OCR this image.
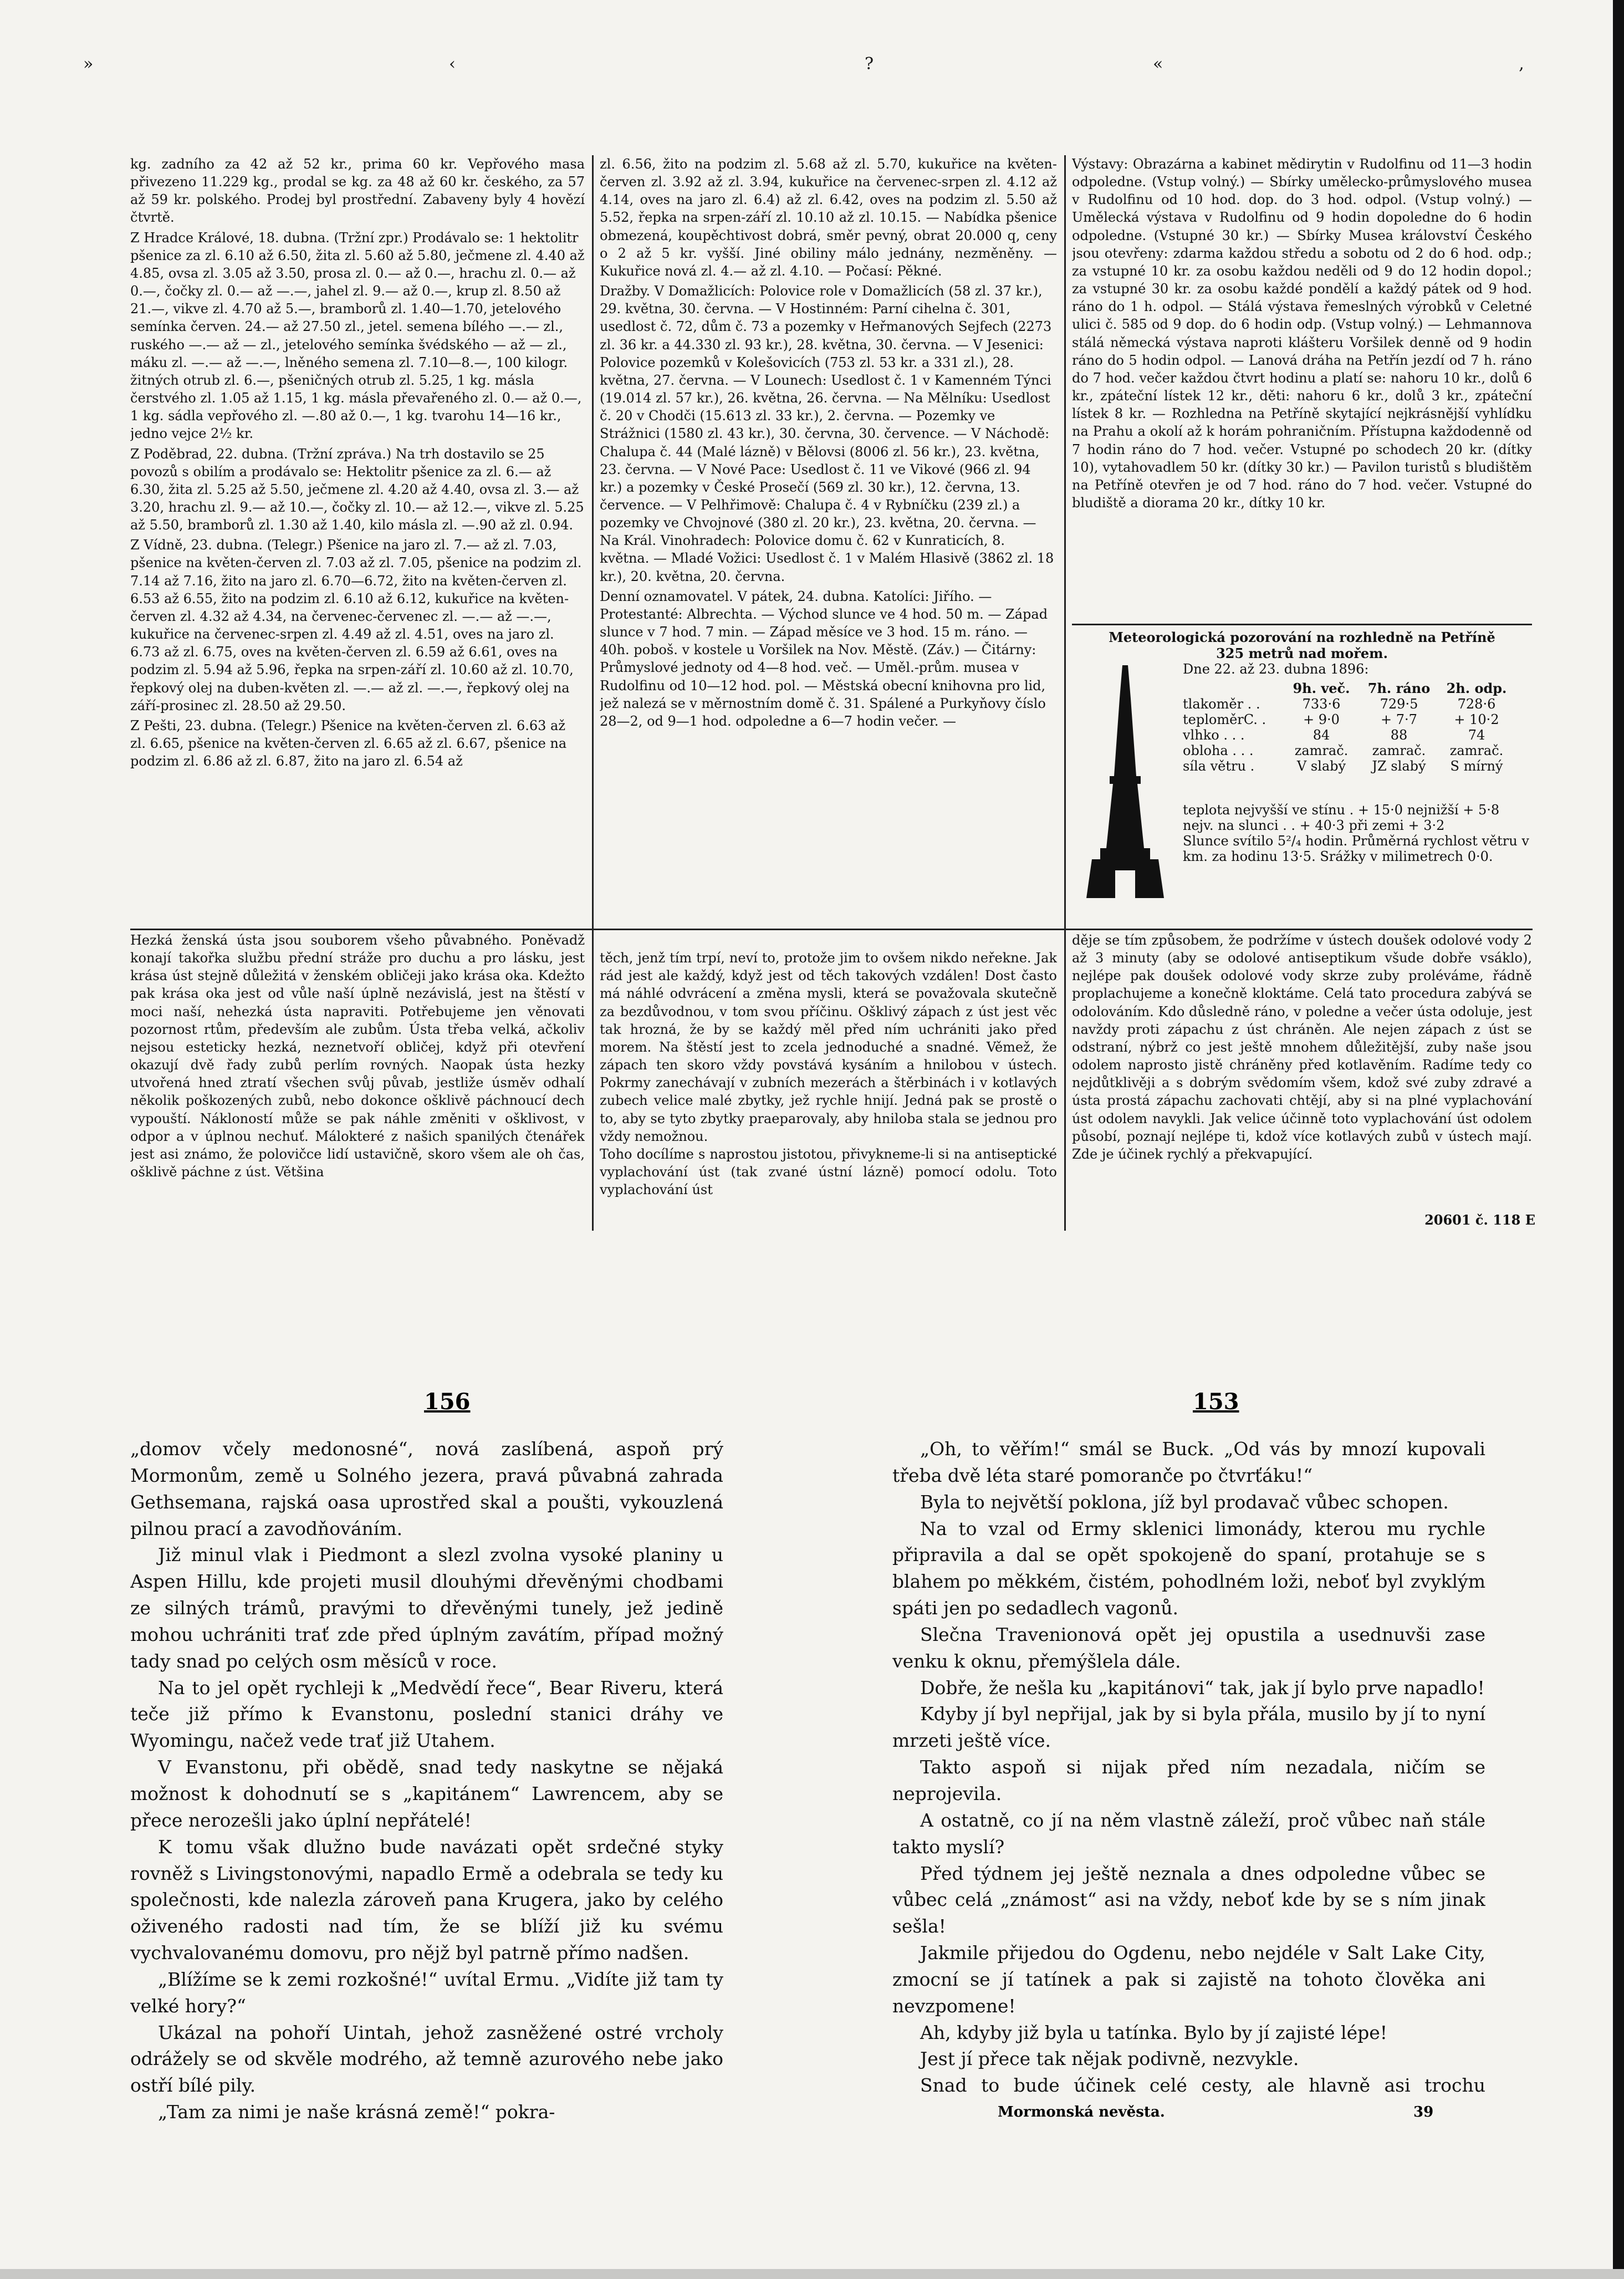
»	‹	?	«	‚

kg. zadního za 42 až 52 kr., prima 60 kr. Vepřového masa přivezeno 11.229 kg., prodal se kg. za 48 až 60 kr. českého, za 57 až 59 kr. polského. Prodej byl prostřední. Zabaveny byly 4 hovězí čtvrtě.

Z Hradce Králové, 18. dubna. (Tržní zpr.) Prodávalo se: 1 hektolitr pšenice za zl. 6.10 až 6.50, žita zl. 5.60 až 5.80, ječmene zl. 4.40 až 4.85, ovsa zl. 3.05 až 3.50, prosa zl. 0.— až 0.—, hrachu zl. 0.— až 0.—, čočky zl. 0.— až —.—, jahel zl. 9.— až 0.—, krup zl. 8.50 až 21.—, vikve zl. 4.70 až 5.—, bramborů zl. 1.40—1.70, jetelového semínka červen. 24.— až 27.50 zl., jetel. semena bílého —.— zl., ruského —.— až — zl., jetelového semínka švédského — až — zl., máku zl. —.— až —.—, lněného semena zl. 7.10—8.—, 100 kilogr. žitných otrub zl. 6.—, pšeničných otrub zl. 5.25, 1 kg. másla čerstvého zl. 1.05 až 1.15, 1 kg. másla převařeného zl. 0.— až 0.—, 1 kg. sádla vepřového zl. —.80 až 0.—, 1 kg. tvarohu 14—16 kr., jedno vejce 2½ kr.

Z Poděbrad, 22. dubna. (Tržní zpráva.) Na trh dostavilo se 25 povozů s obilím a prodávalo se: Hektolitr pšenice za zl. 6.— až 6.30, žita zl. 5.25 až 5.50, ječmene zl. 4.20 až 4.40, ovsa zl. 3.— až 3.20, hrachu zl. 9.— až 10.—, čočky zl. 10.— až 12.—, vikve zl. 5.25 až 5.50, bramborů zl. 1.30 až 1.40, kilo másla zl. —.90 až zl. 0.94.

Z Vídně, 23. dubna. (Telegr.) Pšenice na jaro zl. 7.— až zl. 7.03, pšenice na květen-červen zl. 7.03 až zl. 7.05, pšenice na podzim zl. 7.14 až 7.16, žito na jaro zl. 6.70—6.72, žito na květen-červen zl. 6.53 až 6.55, žito na podzim zl. 6.10 až 6.12, kukuřice na květen-červen zl. 4.32 až 4.34, na červenec-červenec zl. —.— až —.—, kukuřice na červenec-srpen zl. 4.49 až zl. 4.51, oves na jaro zl. 6.73 až zl. 6.75, oves na květen-červen zl. 6.59 až 6.61, oves na podzim zl. 5.94 až 5.96, řepka na srpen-září zl. 10.60 až zl. 10.70, řepkový olej na duben-květen zl. —.— až zl. —.—, řepkový olej na září-prosinec zl. 28.50 až 29.50.

Z Pešti, 23. dubna. (Telegr.) Pšenice na květen-červen zl. 6.63 až zl. 6.65, pšenice na květen-červen zl. 6.65 až zl. 6.67, pšenice na podzim zl. 6.86 až zl. 6.87, žito na jaro zl. 6.54 až

zl. 6.56, žito na podzim zl. 5.68 až zl. 5.70, kukuřice na květen-červen zl. 3.92 až zl. 3.94, kukuřice na červenec-srpen zl. 4.12 až 4.14, oves na jaro zl. 6.4) až zl. 6.42, oves na podzim zl. 5.50 až 5.52, řepka na srpen-září zl. 10.10 až zl. 10.15. — Nabídka pšenice obmezená, koupěchtivost dobrá, směr pevný, obrat 20.000 q, ceny o 2 až 5 kr. vyšší. Jiné obiliny málo jednány, nezměněny. — Kukuřice nová zl. 4.— až zl. 4.10. — Počasí: Pěkné.

Dražby. V Domažlicích: Polovice role v Domažlicích (58 zl. 37 kr.), 29. května, 30. června. — V Hostinném: Parní cihelna č. 301, usedlost č. 72, dům č. 73 a pozemky v Heřmanových Sejfech (2273 zl. 36 kr. a 44.330 zl. 93 kr.), 28. května, 30. června. — V Jesenici: Polovice pozemků v Kolešovicích (753 zl. 53 kr. a 331 zl.), 28. května, 27. června. — V Lounech: Usedlost č. 1 v Kamenném Týnci (19.014 zl. 57 kr.), 26. května, 26. června. — Na Mělníku: Usedlost č. 20 v Chodči (15.613 zl. 33 kr.), 2. června. — Pozemky ve Strážnici (1580 zl. 43 kr.), 30. června, 30. července. — V Náchodě: Chalupa č. 44 (Malé lázně) v Bělovsi (8006 zl. 56 kr.), 23. května, 23. června. — V Nové Pace: Usedlost č. 11 ve Vikové (966 zl. 94 kr.) a pozemky v České Prosečí (569 zl. 30 kr.), 12. června, 13. července. — V Pelhřimově: Chalupa č. 4 v Rybníčku (239 zl.) a pozemky ve Chvojnové (380 zl. 20 kr.), 23. května, 20. června. — Na Král. Vinohradech: Polovice domu č. 62 v Kunraticích, 8. května. — Mladé Vožici: Usedlost č. 1 v Malém Hlasivě (3862 zl. 18 kr.), 20. května, 20. června.

Denní oznamovatel. V pátek, 24. dubna. Katolíci: Jiřího. — Protestanté: Albrechta. — Východ slunce ve 4 hod. 50 m. — Západ slunce v 7 hod. 7 min. — Západ měsíce ve 3 hod. 15 m. ráno. — 40h. poboš. v kostele u Voršilek na Nov. Městě. (Záv.) — Čitárny: Průmyslové jednoty od 4—8 hod. več. — Uměl.-prům. musea v Rudolfinu od 10—12 hod. pol. — Městská obecní knihovna pro lid, jež nalezá se v měrnostním domě č. 31. Spálené a Purkyňovy číslo 28—2, od 9—1 hod. odpoledne a 6—7 hodin večer. —

Výstavy: Obrazárna a kabinet mědirytin v Rudolfinu od 11—3 hodin odpoledne. (Vstup volný.) — Sbírky umělecko-průmyslového musea v Rudolfinu od 10 hod. dop. do 3 hod. odpol. (Vstup volný.) — Umělecká výstava v Rudolfinu od 9 hodin dopoledne do 6 hodin odpoledne. (Vstupné 30 kr.) — Sbírky Musea království Českého jsou otevřeny: zdarma každou středu a sobotu od 2 do 6 hod. odp.; za vstupné 10 kr. za osobu každou neděli od 9 do 12 hodin dopol.; za vstupné 30 kr. za osobu každé pondělí a každý pátek od 9 hod. ráno do 1 h. odpol. — Stálá výstava řemeslných výrobků v Celetné ulici č. 585 od 9 dop. do 6 hodin odp. (Vstup volný.) — Lehmannova stálá německá výstava naproti klášteru Voršilek denně od 9 hodin ráno do 5 hodin odpol. — Lanová dráha na Petřín jezdí od 7 h. ráno do 7 hod. večer každou čtvrt hodinu a platí se: nahoru 10 kr., dolů 6 kr., zpáteční lístek 12 kr., děti: nahoru 6 kr., dolů 3 kr., zpáteční lístek 8 kr. — Rozhledna na Petříně skytající nejkrásnější vyhlídku na Prahu a okolí až k horám pohraničním. Přístupna každodenně od 7 hodin ráno do 7 hod. večer. Vstupné po schodech 20 kr. (dítky 10), vytahovadlem 50 kr. (dítky 30 kr.) — Pavilon turistů s bludištěm na Petříně otevřen je od 7 hod. ráno do 7 hod. večer. Vstupné do bludiště a diorama 20 kr., dítky 10 kr.

Meteorologická pozorování na rozhledně na Petříně
325 metrů nad mořem.
Dne 22. až 23. dubna 1896:
9h. več.	7h. ráno	2h. odp.
tlakoměr . .	733·6	729·5	728·6
teploměrC. .	+ 9·0	+ 7·7	+ 10·2
vlhko . . .	84	88	74
obloha . . .	zamrač.	zamrač.	zamrač.
síla větru .	V slabý	JZ slabý	S mírný
teplota nejvyšší ve stínu . + 15·0 nejnižší + 5·8
nejv. na slunci . . + 40·3 při zemi + 3·2
Slunce svítilo 5²/₄ hodin. Průměrná rychlost větru v km. za hodinu 13·5. Srážky v milimetrech 0·0.

Hezká ženská ústa jsou souborem všeho půvabného. Poněvadž konají takořka službu přední stráže pro duchu a pro lásku, jest krása úst stejně důležitá v ženském obličeji jako krása oka. Kdežto pak krása oka jest od vůle naší úplně nezávislá, jest na štěstí v moci naší, nehezká ústa napraviti. Potřebujeme jen věnovati pozornost rtům, především ale zubům. Ústa třeba velká, ačkoliv nejsou esteticky hezká, neznetvoří obličej, když při otevření okazují dvě řady zubů perlím rovných. Naopak ústa hezky utvořená hned ztratí všechen svůj půvab, jestliže úsměv odhalí několik poškozených zubů, nebo dokonce ošklivě páchnoucí dech vypouští. Nákloností může se pak náhle změniti v ošklivost, v odpor a v úplnou nechuť. Málokteré z našich spanilých čtenářek jest asi známo, že polovičce lidí ustavičně, skoro všem ale oh čas, ošklivě páchne z úst. Většina

těch, jenž tím trpí, neví to, protože jim to ovšem nikdo neřekne. Jak rád jest ale každý, když jest od těch takových vzdálen! Dost často má náhlé odvrácení a změna mysli, která se považovala skutečně za bezdůvodnou, v tom svou příčinu. Ošklivý zápach z úst jest věc tak hrozná, že by se každý měl před ním uchrániti jako před morem. Na štěstí jest to zcela jednoduché a snadné. Věmež, že zápach ten skoro vždy povstává kysáním a hnilobou v ústech. Pokrmy zanechávají v zubních mezerách a štěrbinách i v kotlavých zubech velice malé zbytky, jež rychle hnijí. Jedná pak se prostě o to, aby se tyto zbytky praeparovaly, aby hniloba stala se jednou pro vždy nemožnou.
Toho docílíme s naprostou jistotou, přivykneme-li si na antiseptické vyplachování úst (tak zvané ústní lázně) pomocí odolu. Toto vyplachování úst

děje se tím způsobem, že podržíme v ústech doušek odolové vody 2 až 3 minuty (aby se odolové antiseptikum všude dobře vsáklo), nejlépe pak doušek odolové vody skrze zuby proléváme, řádně proplachujeme a konečně kloktáme. Celá tato procedura zabývá se odolováním. Kdo důsledně ráno, v poledne a večer ústa odoluje, jest navždy proti zápachu z úst chráněn. Ale nejen zápach z úst se odstraní, nýbrž co jest ještě mnohem důležitější, zuby naše jsou odolem naprosto jistě chráněny před kotlavěním. Radíme tedy co nejdůtklivěji a s dobrým svědomím všem, kdož své zuby zdravé a ústa prostá zápachu zachovati chtějí, aby si na plné vyplachování úst odolem navykli. Jak velice účinně toto vyplachování úst odolem působí, poznají nejlépe ti, kdož více kotlavých zubů v ústech mají. Zde je účinek rychlý a překvapující.

20601 č. 118 E
156	153

„domov včely medonosné“, nová zaslíbená, aspoň prý Mormonům, země u Solného jezera, pravá půvabná zahrada Gethsemana, rajská oasa uprostřed skal a poušti, vykouzlená pilnou prací a zavodňováním.

Již minul vlak i Piedmont a slezl zvolna vysoké planiny u Aspen Hillu, kde projeti musil dlouhými dřevěnými chodbami ze silných trámů, pravými to dřevěnými tunely, jež jedině mohou uchrániti trať zde před úplným zavátím, případ možný tady snad po celých osm měsíců v roce.

Na to jel opět rychleji k „Medvědí řece“, Bear Riveru, která teče již přímo k Evanstonu, poslední stanici dráhy ve Wyomingu, načež vede trať již Utahem.

V Evanstonu, při obědě, snad tedy naskytne se nějaká možnost k dohodnutí se s „kapitánem“ Lawrencem, aby se přece nerozešli jako úplní nepřátelé!

K tomu však dlužno bude navázati opět srdečné styky rovněž s Livingstonovými, napadlo Ermě a odebrala se tedy ku společnosti, kde nalezla zároveň pana Krugera, jako by celého oživeného radosti nad tím, že se blíží již ku svému vychvalovanému domovu, pro nějž byl patrně přímo nadšen.

„Blížíme se k zemi rozkošné!“ uvítal Ermu. „Vidíte již tam ty velké hory?“

Ukázal na pohoří Uintah, jehož zasněžené ostré vrcholy odrážely se od skvěle modrého, až temně azurového nebe jako ostří bílé pily.

„Tam za nimi je naše krásná země!“ pokra-

„Oh, to věřím!“ smál se Buck. „Od vás by mnozí kupovali třeba dvě léta staré pomoranče po čtvrťáku!“

Byla to největší poklona, jíž byl prodavač vůbec schopen.

Na to vzal od Ermy sklenici limonády, kterou mu rychle připravila a dal se opět spokojeně do spaní, protahuje se s blahem po měkkém, čistém, pohodlném loži, neboť byl zvyklým spáti jen po sedadlech vagonů.

Slečna Travenionová opět jej opustila a usednuvši zase venku k oknu, přemýšlela dále.

Dobře, že nešla ku „kapitánovi“ tak, jak jí bylo prve napadlo!

Kdyby jí byl nepřijal, jak by si byla přála, musilo by jí to nyní mrzeti ještě více.

Takto aspoň si nijak před ním nezadala, ničím se neprojevila.

A ostatně, co jí na něm vlastně záleží, proč vůbec naň stále takto myslí?

Před týdnem jej ještě neznala a dnes odpoledne vůbec se vůbec celá „známost“ asi na vždy, neboť kde by se s ním jinak sešla!

Jakmile přijedou do Ogdenu, nebo nejdéle v Salt Lake City, zmocní se jí tatínek a pak si zajistě na tohoto člověka ani nevzpomene!

Ah, kdyby již byla u tatínka. Bylo by jí zajisté lépe!

Jest jí přece tak nějak podivně, nezvykle.

Snad to bude účinek celé cesty, ale hlavně asi trochu

Mormonská nevěsta.	39
